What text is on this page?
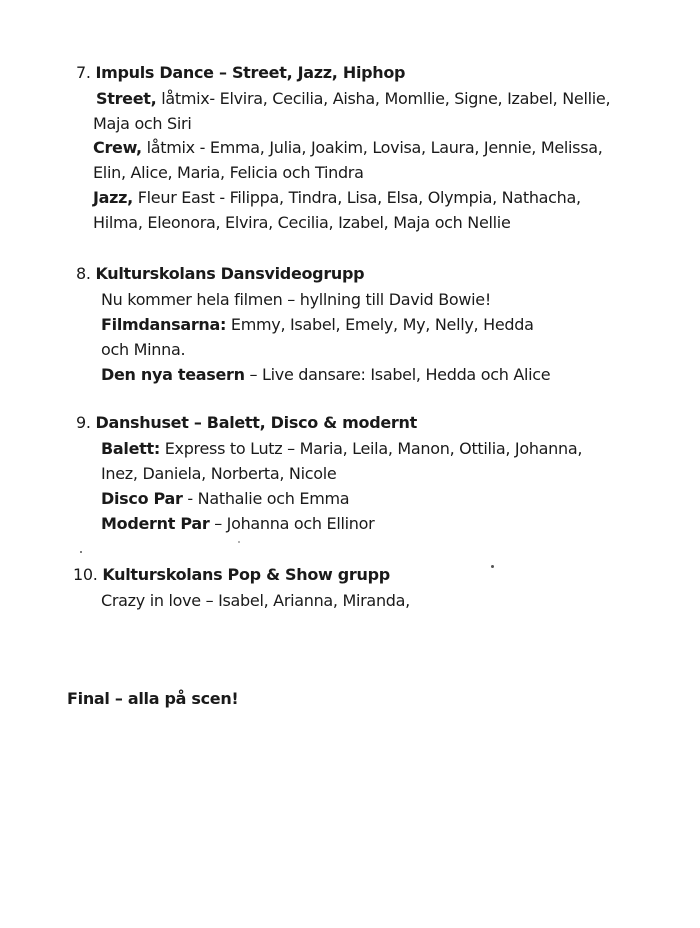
7. Impuls Dance – Street, Jazz, Hiphop
Street, låtmix- Elvira, Cecilia, Aisha, Momllie, Signe, Izabel, Nellie,
Maja och Siri
Crew, låtmix - Emma, Julia, Joakim, Lovisa, Laura, Jennie, Melissa,
Elin, Alice, Maria, Felicia och Tindra
Jazz, Fleur East - Filippa, Tindra, Lisa, Elsa, Olympia, Nathacha,
Hilma, Eleonora, Elvira, Cecilia, Izabel, Maja och Nellie
8. Kulturskolans Dansvideogrupp
Nu kommer hela filmen – hyllning till David Bowie!
Filmdansarna: Emmy, Isabel, Emely, My, Nelly, Hedda
och Minna.
Den nya teasern – Live dansare: Isabel, Hedda och Alice
9. Danshuset – Balett, Disco & modernt
Balett: Express to Lutz – Maria, Leila, Manon, Ottilia, Johanna,
Inez, Daniela, Norberta, Nicole
Disco Par - Nathalie och Emma
Modernt Par – Johanna och Ellinor
10. Kulturskolans Pop & Show grupp
Crazy in love – Isabel, Arianna, Miranda,
Final – alla på scen!
